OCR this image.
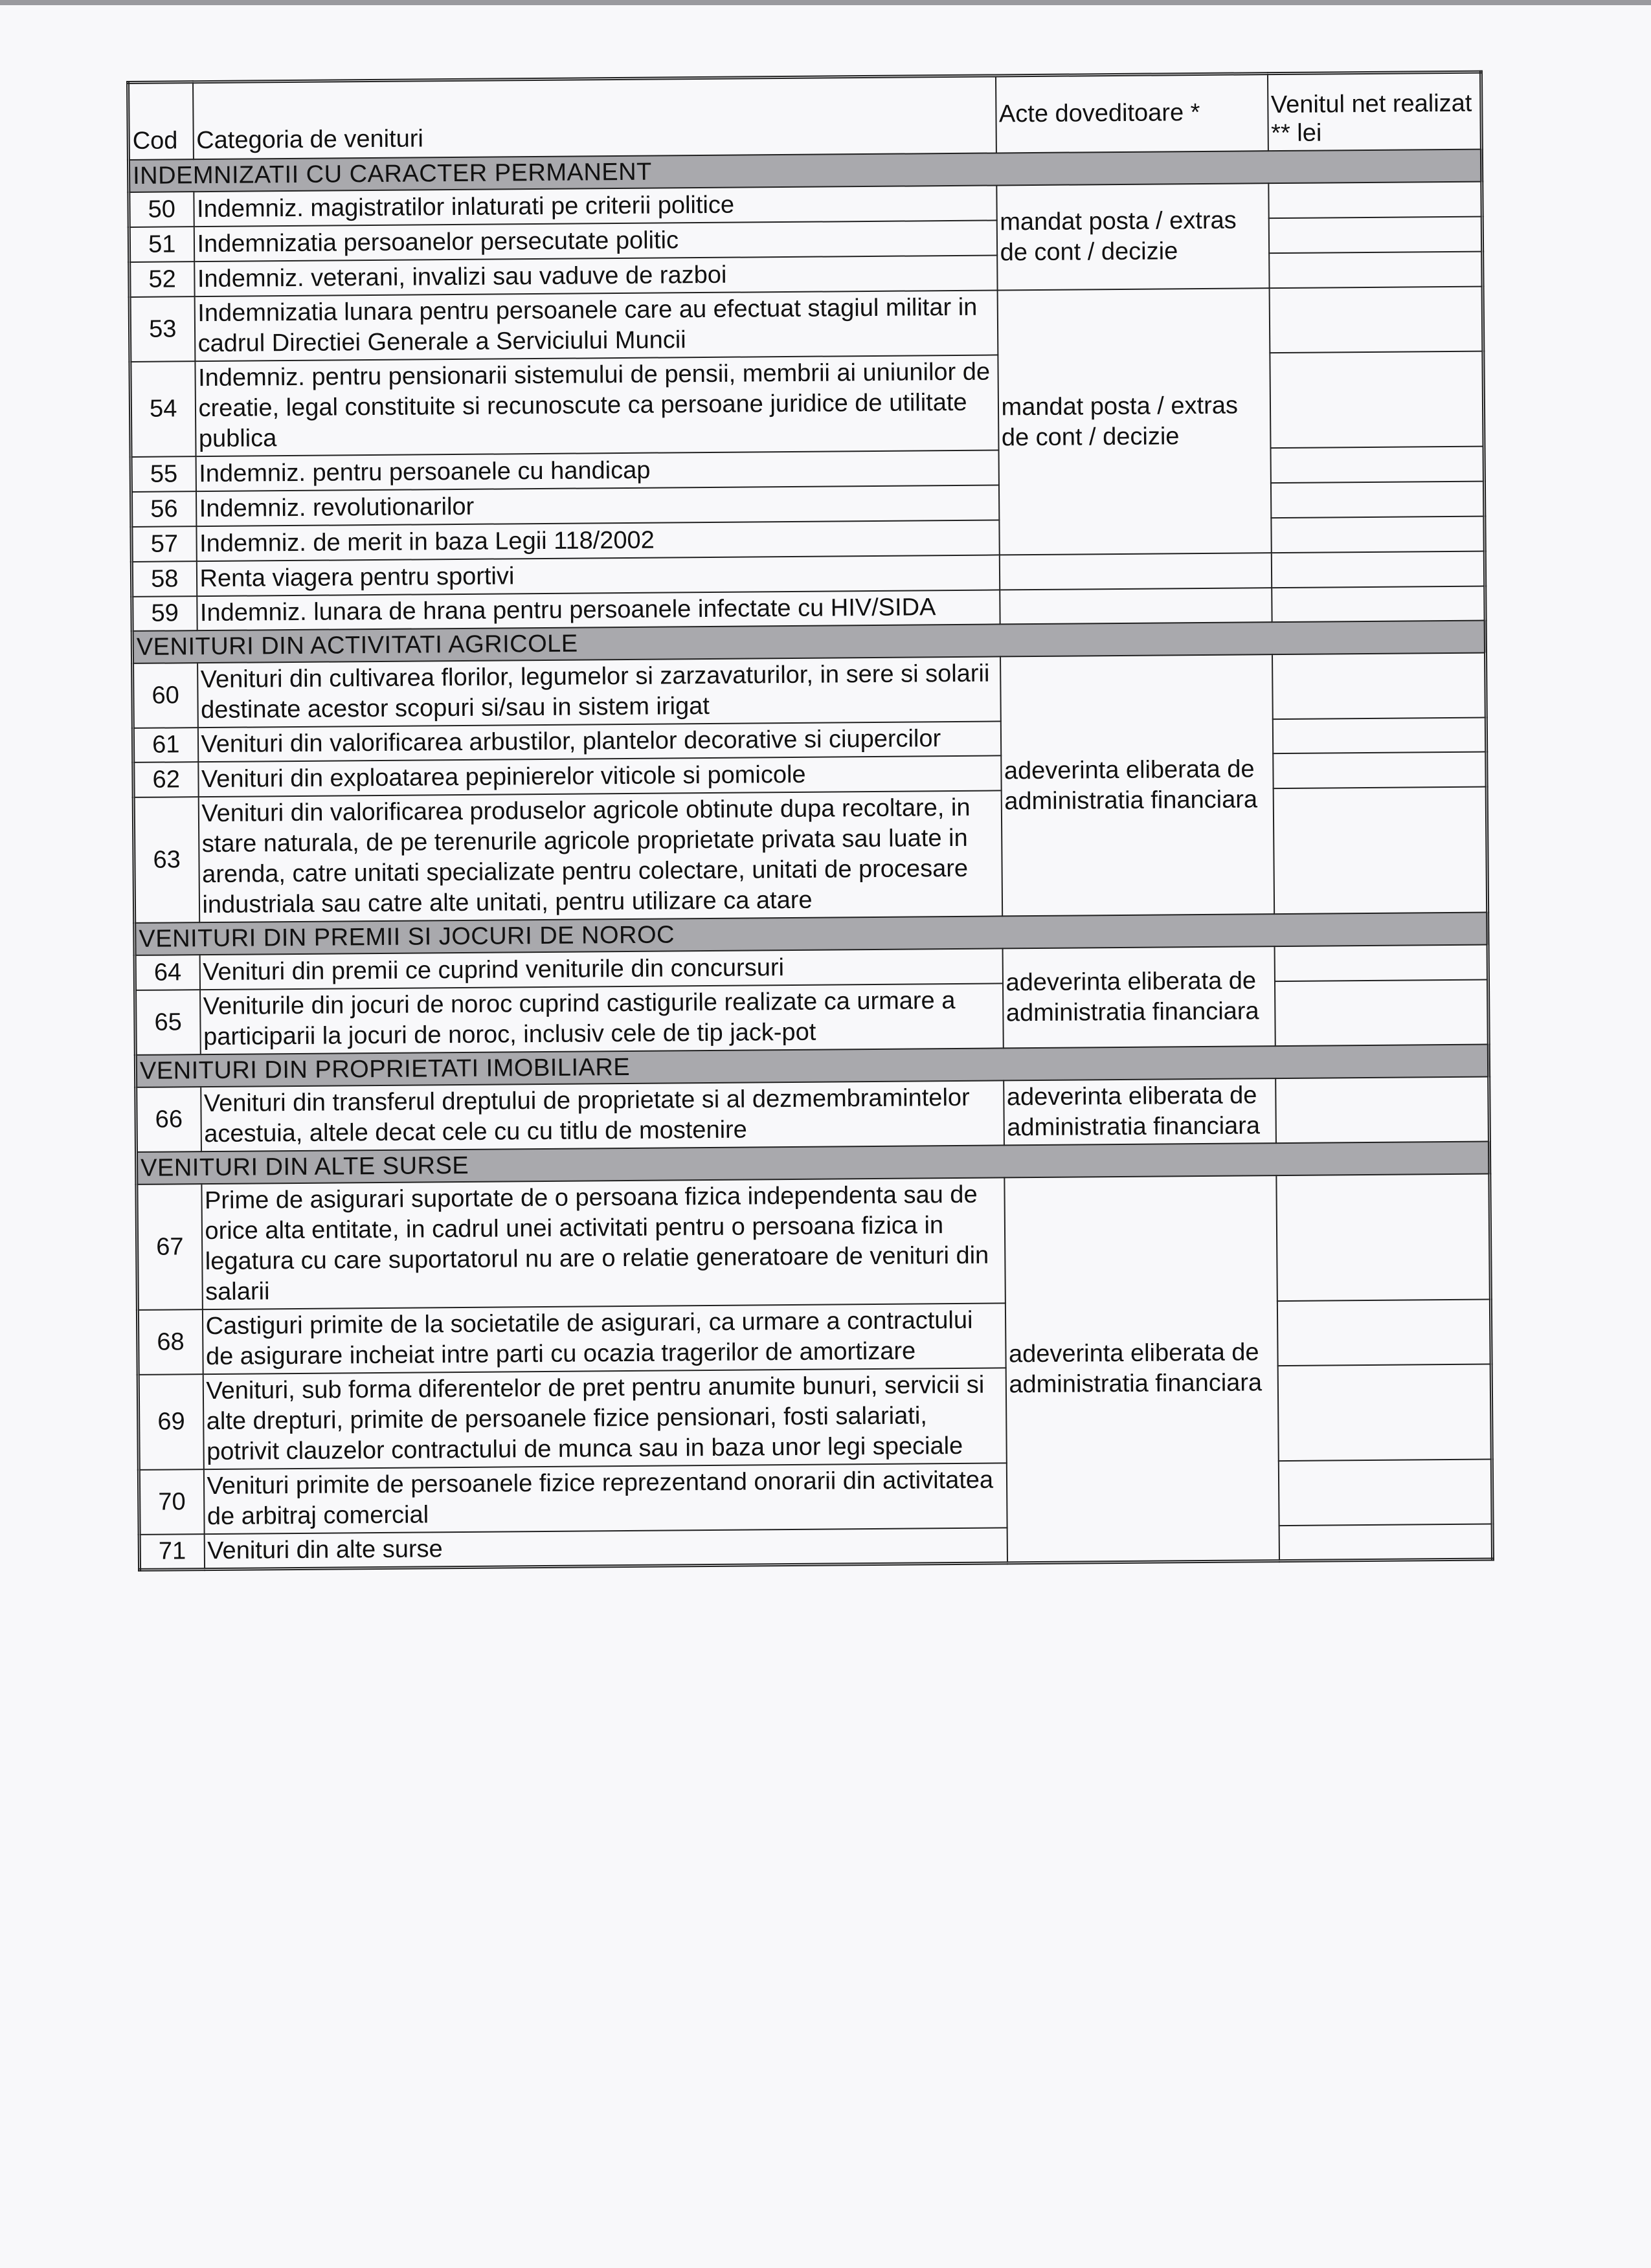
Cod	Categoria de venituri	Acte doveditoare *	Venitul net realizat ** lei
INDEMNIZATII CU CARACTER PERMANENT			
50	Indemniz. magistratilor inlaturati pe criterii politice	mandat posta / extras de cont / decizie	
51	Indemnizatia persoanelor persecutate politic		
52	Indemniz. veterani, invalizi sau vaduve de razboi		
53	Indemnizatia lunara pentru persoanele care au efectuat stagiul militar in cadrul Directiei Generale a Serviciului Muncii	mandat posta / extras de cont / decizie	
54	Indemniz. pentru pensionarii sistemului de pensii, membrii ai uniunilor de creatie, legal constituite si recunoscute ca persoane juridice de utilitate publica		
55	Indemniz. pentru persoanele cu handicap		
56	Indemniz. revolutionarilor		
57	Indemniz. de merit in baza Legii 118/2002		
58	Renta viagera pentru sportivi		
59	Indemniz. lunara de hrana pentru persoanele infectate cu HIV/SIDA		
VENITURI DIN ACTIVITATI AGRICOLE			
60	Venituri din cultivarea florilor, legumelor si zarzavaturilor, in sere si solarii destinate acestor scopuri si/sau in sistem irigat	adeverinta eliberata de administratia financiara	
61	Venituri din valorificarea arbustilor, plantelor decorative si ciupercilor		
62	Venituri din exploatarea pepinierelor viticole si pomicole		
63	Venituri din valorificarea produselor agricole obtinute dupa recoltare, in stare naturala, de pe terenurile agricole proprietate privata sau luate in arenda, catre unitati specializate pentru colectare, unitati de procesare industriala sau catre alte unitati, pentru utilizare ca atare		
VENITURI DIN PREMII SI JOCURI DE NOROC			
64	Venituri din premii ce cuprind veniturile din concursuri	adeverinta eliberata de administratia financiara	
65	Veniturile din jocuri de noroc cuprind castigurile realizate ca urmare a participarii la jocuri de noroc, inclusiv cele de tip jack-pot		
VENITURI DIN PROPRIETATI IMOBILIARE			
66	Venituri din transferul dreptului de proprietate si al dezmembramintelor acestuia, altele decat cele cu cu titlu de mostenire	adeverinta eliberata de administratia financiara	
VENITURI DIN ALTE SURSE			
67	Prime de asigurari suportate de o persoana fizica independenta sau de orice alta entitate, in cadrul unei activitati pentru o persoana fizica in legatura cu care suportatorul nu are o relatie generatoare de venituri din salarii	adeverinta eliberata de administratia financiara	
68	Castiguri primite de la societatile de asigurari, ca urmare a contractului de asigurare incheiat intre parti cu ocazia tragerilor de amortizare		
69	Venituri, sub forma diferentelor de pret pentru anumite bunuri, servicii si alte drepturi, primite de persoanele fizice pensionari, fosti salariati, potrivit clauzelor contractului de munca sau in baza unor legi speciale		
70	Venituri primite de persoanele fizice reprezentand onorarii din activitatea de arbitraj comercial		
71	Venituri din alte surse		
